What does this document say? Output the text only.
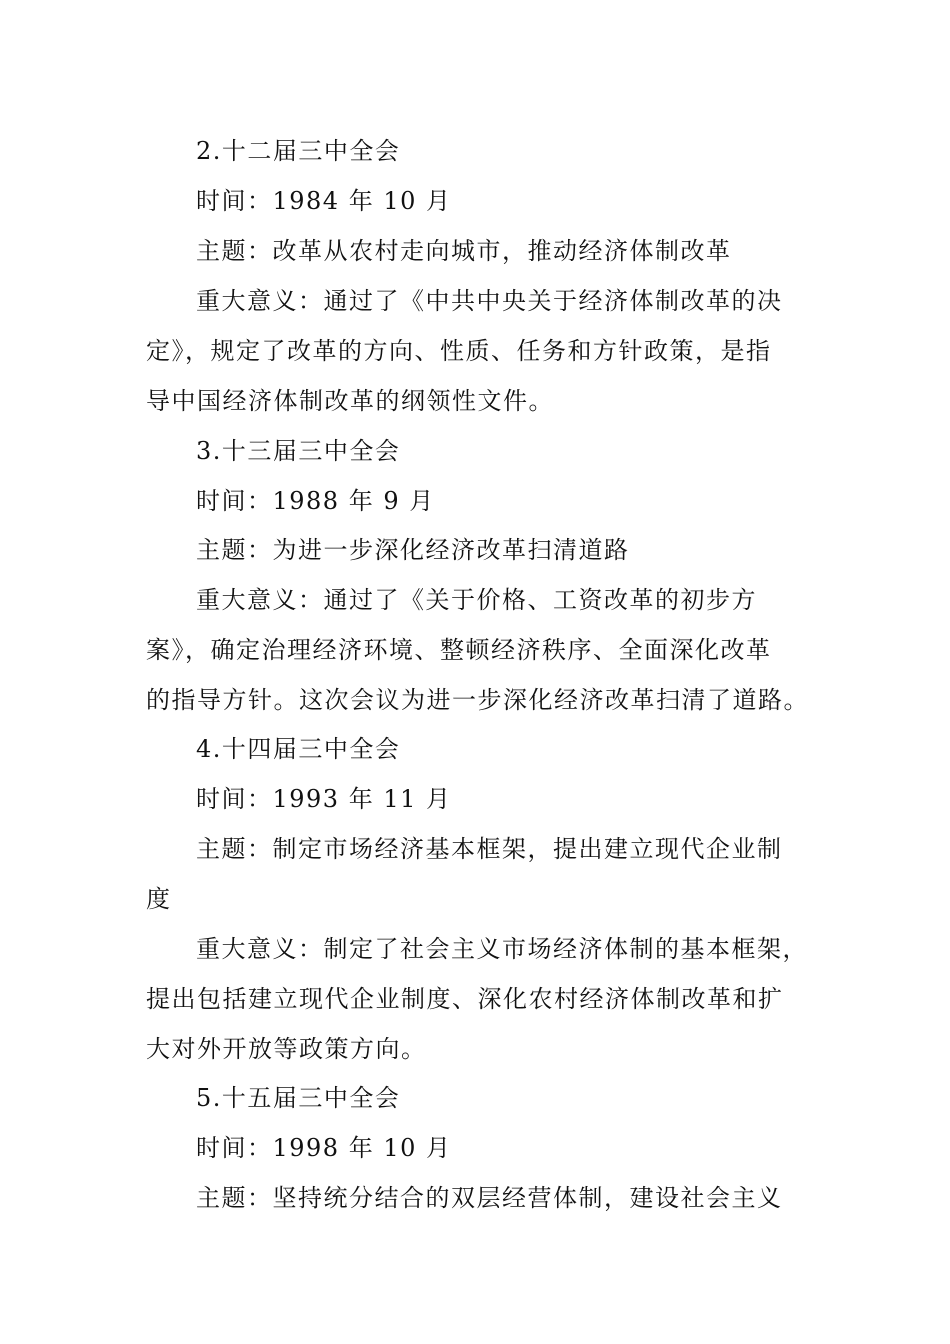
2.十二届三中全会
时间：1984 年 10 月
主题：改革从农村走向城市，推动经济体制改革
重大意义：通过了《中共中央关于经济体制改革的决
定》，规定了改革的方向、性质、任务和方针政策，是指
导中国经济体制改革的纲领性文件。
3.十三届三中全会
时间：1988 年 9 月
主题：为进一步深化经济改革扫清道路
重大意义：通过了《关于价格、工资改革的初步方
案》，确定治理经济环境、整顿经济秩序、全面深化改革
的指导方针。这次会议为进一步深化经济改革扫清了道路。
4.十四届三中全会
时间：1993 年 11 月
主题：制定市场经济基本框架，提出建立现代企业制
度
重大意义：制定了社会主义市场经济体制的基本框架，
提出包括建立现代企业制度、深化农村经济体制改革和扩
大对外开放等政策方向。
5.十五届三中全会
时间：1998 年 10 月
主题：坚持统分结合的双层经营体制，建设社会主义
